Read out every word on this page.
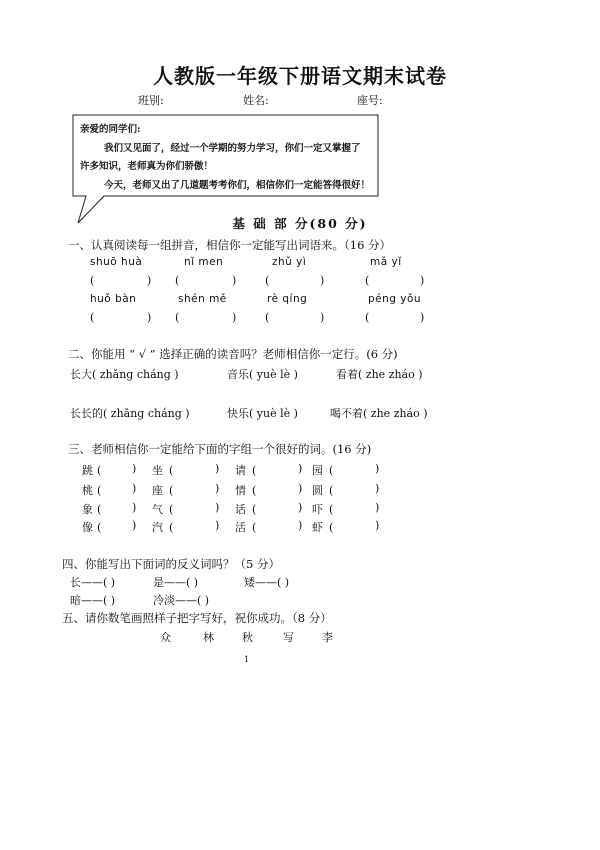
人教版一年级下册语文期末试卷
班别:	姓名:	座号:
亲爱的同学们:
我们又见面了，经过一个学期的努力学习，你们一定又掌握了
许多知识，老师真为你们骄傲！
今天，老师又出了几道题考考你们，相信你们一定能答得很好！
基 础 部 分(80 分)
一、认真阅读每一组拼音，相信你一定能写出词语来。（16 分）
shuō huà	nǐ men	zhǔ yì	mǎ yǐ
(	) (	)	(	)	(	)
huǒ bàn	shén mě	rè qíng	péng yǒu
(	) (	)	(	)	(	)
二、你能用 “ √ ” 选择正确的读音吗？老师相信你一定行。(6 分)
长大( zhǎng cháng )	音乐( yuè lè )	看着( zhe zháo )
长长的( zhǎng cháng )	快乐( yuè lè )	喝不着( zhe zháo )
三、老师相信你一定能给下面的字组一个很好的词。(16 分)
跳 (	) 坐 (	) 请 (	) 园 (	)
桃 (	) 座 (	) 情 (	) 圆 (	)
象 (	) 气 (	) 话 (	) 吓 (	)
像 (	) 汽 (	) 活 (	) 虾 (	)
四、你能写出下面词的反义词吗？（5 分）
长——( )	是——( )	矮——( )
暗——( )	冷淡——( )
五、请你数笔画照样子把字写好，祝你成功。（8 分）
众	林	秋	写	李
1
